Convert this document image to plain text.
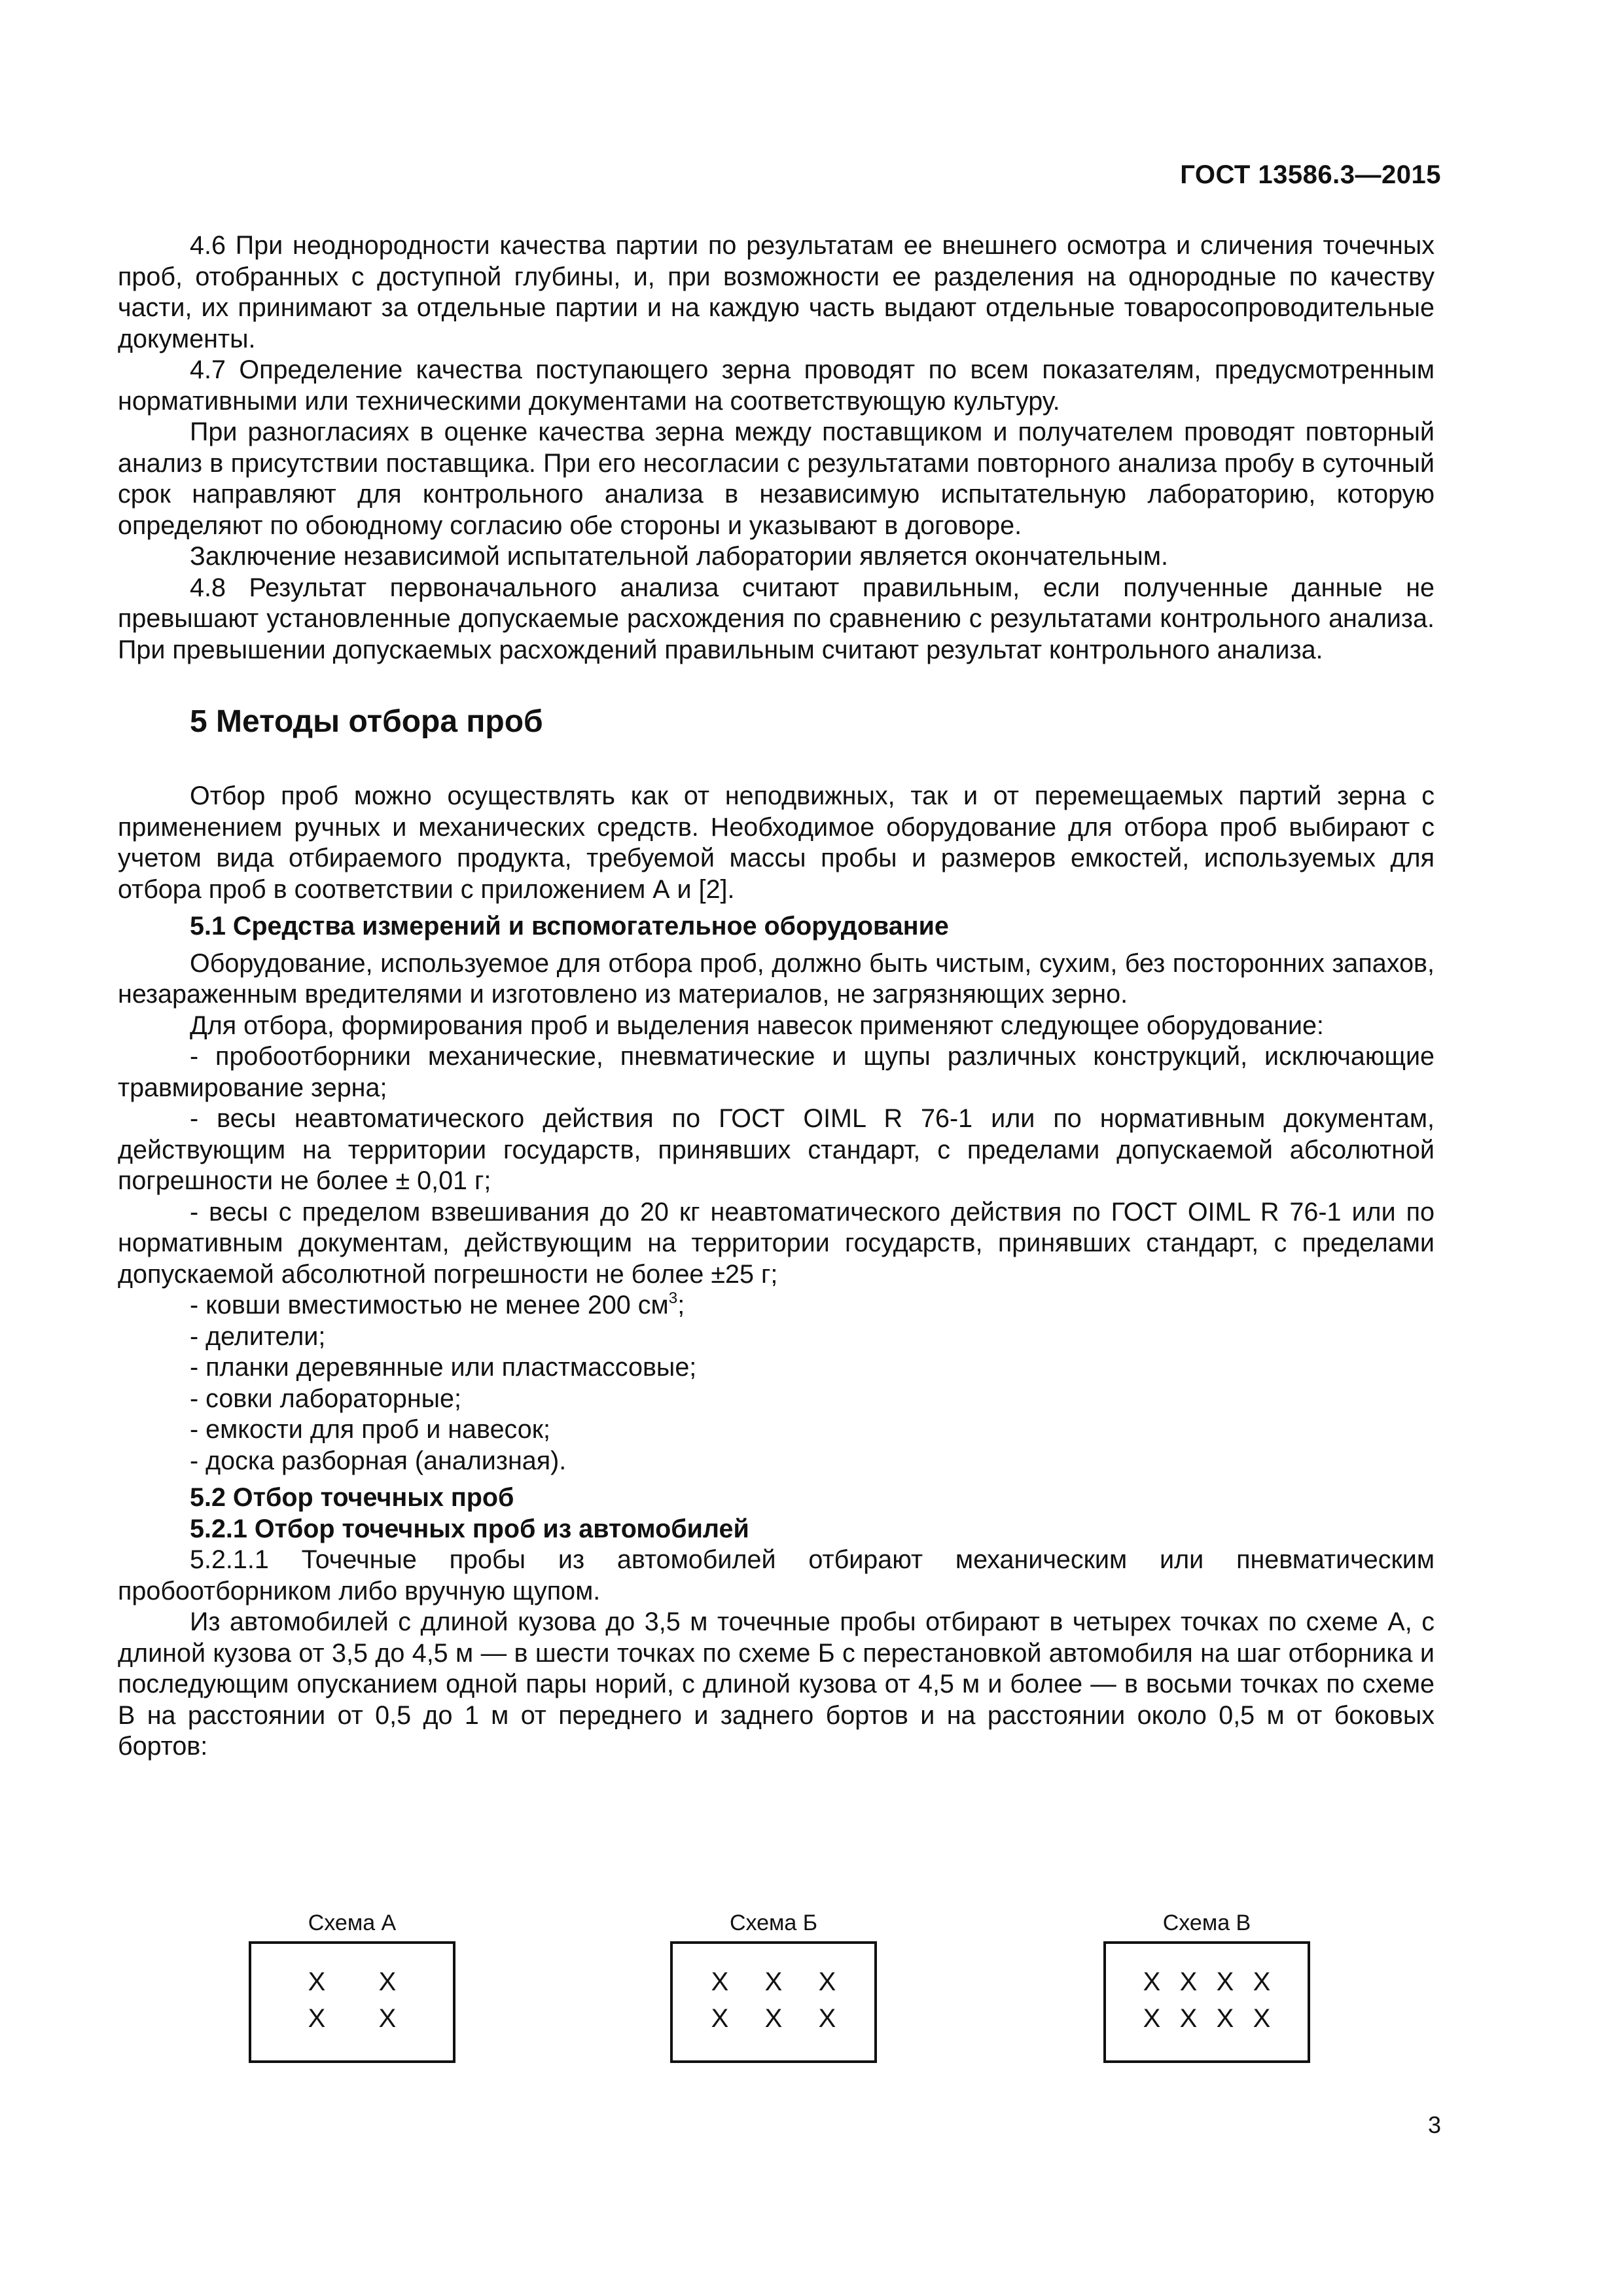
ГОСТ 13586.3—2015

4.6 При неоднородности качества партии по результатам ее внешнего осмотра и сличения точечных проб, отобранных с доступной глубины, и, при возможности ее разделения на однородные по качеству части, их принимают за отдельные партии и на каждую часть выдают отдельные товаросопроводительные документы.

4.7 Определение качества поступающего зерна проводят по всем показателям, предусмотренным нормативными или техническими документами на соответствующую культуру.

При разногласиях в оценке качества зерна между поставщиком и получателем проводят повторный анализ в присутствии поставщика. При его несогласии с результатами повторного анализа пробу в суточный срок направляют для контрольного анализа в независимую испытательную лабораторию, которую определяют по обоюдному согласию обе стороны и указывают в договоре.

Заключение независимой испытательной лаборатории является окончательным.

4.8 Результат первоначального анализа считают правильным, если полученные данные не превышают установленные допускаемые расхождения по сравнению с результатами контрольного анализа. При превышении допускаемых расхождений правильным считают результат контрольного анализа.

5 Методы отбора проб

Отбор проб можно осуществлять как от неподвижных, так и от перемещаемых партий зерна с применением ручных и механических средств. Необходимое оборудование для отбора проб выбирают с учетом вида отбираемого продукта, требуемой массы пробы и размеров емкостей, используемых для отбора проб в соответствии с приложением А и [2].

5.1 Средства измерений и вспомогательное оборудование

Оборудование, используемое для отбора проб, должно быть чистым, сухим, без посторонних запахов, незараженным вредителями и изготовлено из материалов, не загрязняющих зерно.

Для отбора, формирования проб и выделения навесок применяют следующее оборудование:

- пробоотборники механические, пневматические и щупы различных конструкций, исключающие травмирование зерна;

- весы неавтоматического действия по ГОСТ OIML R 76-1 или по нормативным документам, действующим на территории государств, принявших стандарт, с пределами допускаемой абсолютной погрешности не более ± 0,01 г;

- весы с пределом взвешивания до 20 кг неавтоматического действия по ГОСТ OIML R 76-1 или по нормативным документам, действующим на территории государств, принявших стандарт, с пределами допускаемой абсолютной погрешности не более ±25 г;

- ковши вместимостью не менее 200 $см^3$;

- делители;

- планки деревянные или пластмассовые;

- совки лабораторные;

- емкости для проб и навесок;

- доска разборная (анализная).

5.2 Отбор точечных проб
5.2.1 Отбор точечных проб из автомобилей

5.2.1.1 Точечные пробы из автомобилей отбирают механическим или пневматическим пробоотборником либо вручную щупом.

Из автомобилей с длиной кузова до 3,5 м точечные пробы отбирают в четырех точках по схеме А, с длиной кузова от 3,5 до 4,5 м — в шести точках по схеме Б с перестановкой автомобиля на шаг отборника и последующим опусканием одной пары норий, с длиной кузова от 4,5 м и более — в восьми точках по схеме В на расстоянии от 0,5 до 1 м от переднего и заднего бортов и на расстоянии около 0,5 м от боковых бортов:

Схема А
X	X
X	X
Схема Б
X	X	X
X	X	X
Схема В
X X X X
X X X X
3
